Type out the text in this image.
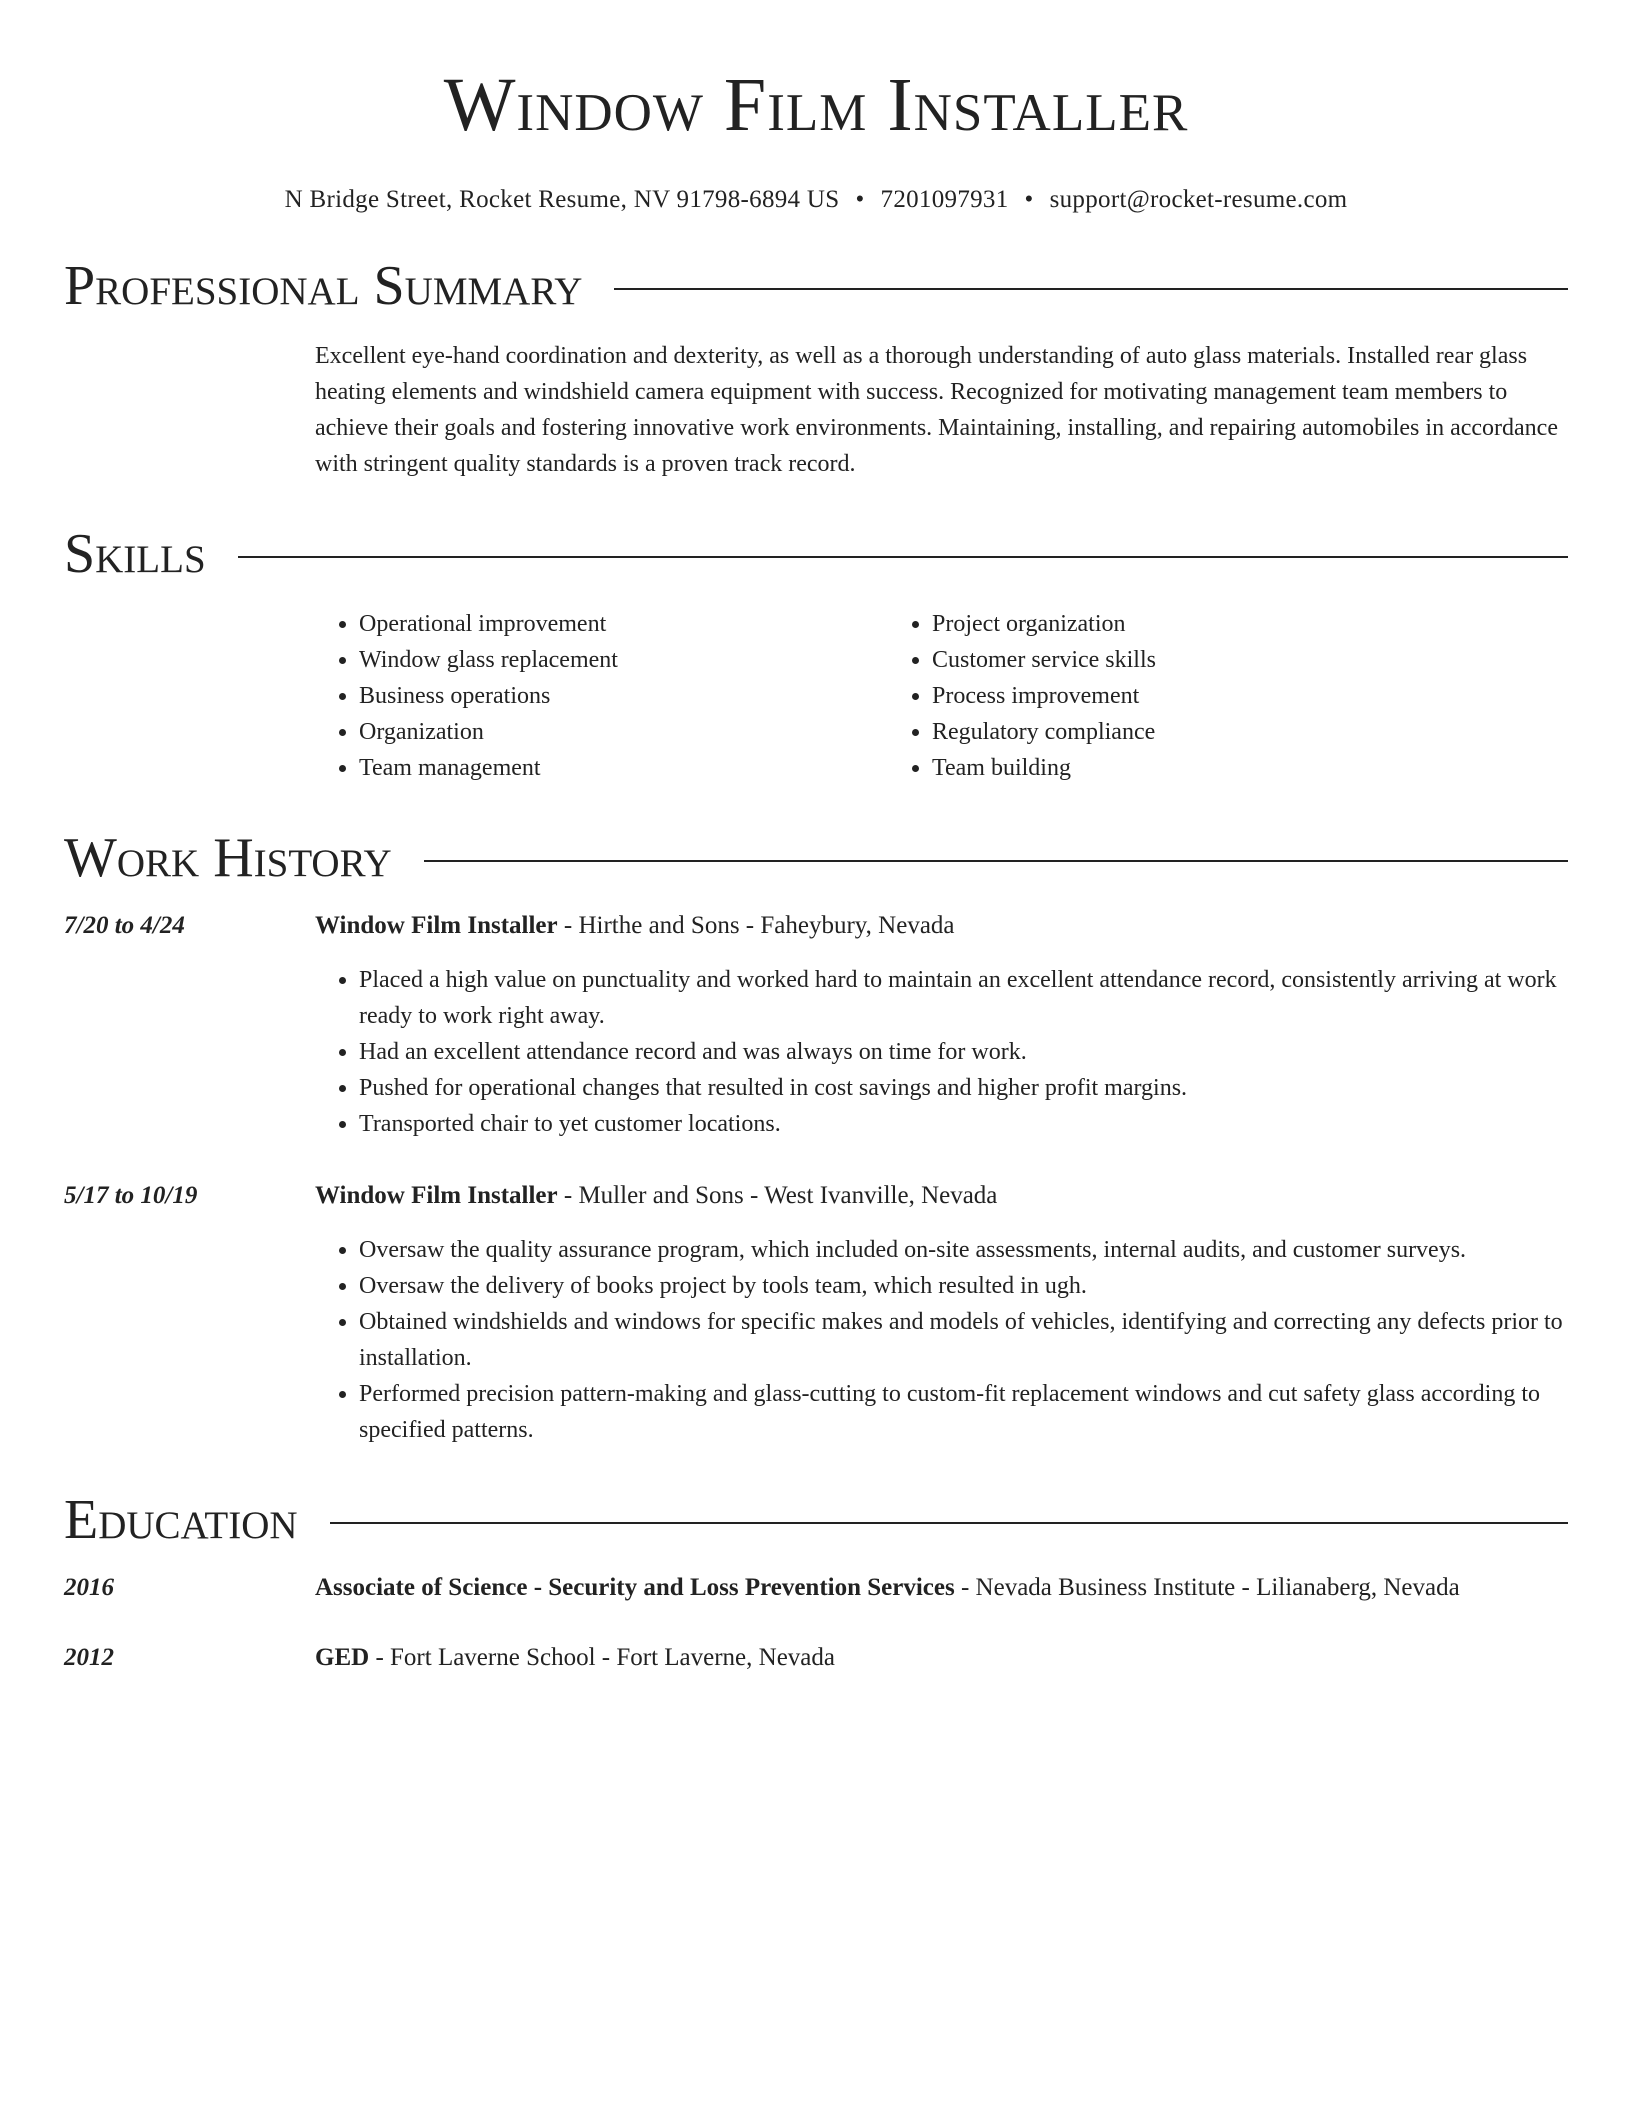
Window Film Installer
N Bridge Street, Rocket Resume, NV 91798-6894 US • 7201097931 • support@rocket-resume.com
Professional Summary
Excellent eye-hand coordination and dexterity, as well as a thorough understanding of auto glass materials. Installed rear glass heating elements and windshield camera equipment with success. Recognized for motivating management team members to achieve their goals and fostering innovative work environments. Maintaining, installing, and repairing automobiles in accordance with stringent quality standards is a proven track record.
Skills
• Operational improvement
• Window glass replacement
• Business operations
• Organization
• Team management
• Project organization
• Customer service skills
• Process improvement
• Regulatory compliance
• Team building
Work History
7/20 to 4/24	Window Film Installer - Hirthe and Sons - Faheybury, Nevada
• Placed a high value on punctuality and worked hard to maintain an excellent attendance record, consistently arriving at work ready to work right away.
• Had an excellent attendance record and was always on time for work.
• Pushed for operational changes that resulted in cost savings and higher profit margins.
• Transported chair to yet customer locations.
5/17 to 10/19	Window Film Installer - Muller and Sons - West Ivanville, Nevada
• Oversaw the quality assurance program, which included on-site assessments, internal audits, and customer surveys.
• Oversaw the delivery of books project by tools team, which resulted in ugh.
• Obtained windshields and windows for specific makes and models of vehicles, identifying and correcting any defects prior to installation.
• Performed precision pattern-making and glass-cutting to custom-fit replacement windows and cut safety glass according to specified patterns.
Education
2016	Associate of Science - Security and Loss Prevention Services - Nevada Business Institute - Lilianaberg, Nevada
2012	GED - Fort Laverne School - Fort Laverne, Nevada
